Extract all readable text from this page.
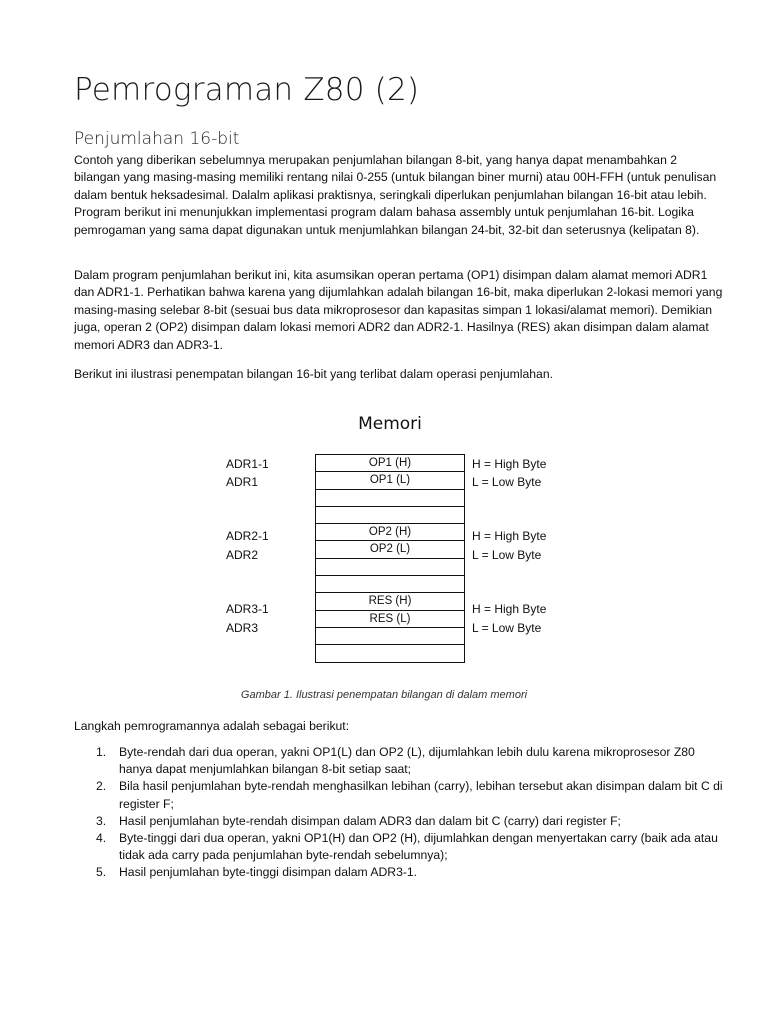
Pemrograman Z80 (2)
Penjumlahan 16-bit

Contoh yang diberikan sebelumnya merupakan penjumlahan bilangan 8-bit, yang hanya dapat menambahkan 2 bilangan yang masing-masing memiliki rentang nilai 0-255 (untuk bilangan biner murni) atau 00H-FFH (untuk penulisan dalam bentuk heksadesimal. Dalalm aplikasi praktisnya, seringkali diperlukan penjumlahan bilangan 16-bit atau lebih. Program berikut ini menunjukkan implementasi program dalam bahasa assembly untuk penjumlahan 16-bit. Logika pemrogaman yang sama dapat digunakan untuk menjumlahkan bilangan 24-bit, 32-bit dan seterusnya (kelipatan 8).

Dalam program penjumlahan berikut ini, kita asumsikan operan pertama (OP1) disimpan dalam alamat memori ADR1 dan ADR1-1. Perhatikan bahwa karena yang dijumlahkan adalah bilangan 16-bit, maka diperlukan 2-lokasi memori yang masing-masing selebar 8-bit (sesuai bus data mikroprosesor dan kapasitas simpan 1 lokasi/alamat memori). Demikian juga, operan 2 (OP2) disimpan dalam lokasi memori ADR2 dan ADR2-1. Hasilnya (RES) akan disimpan dalam alamat memori ADR3 dan ADR3-1.

Berikut ini ilustrasi penempatan bilangan 16-bit yang terlibat dalam operasi penjumlahan.

Memori
OP1 (H)
OP1 (L)
OP2 (H)
OP2 (L)
RES (H)
RES (L)
ADR1-1
ADR1
ADR2-1
ADR2
ADR3-1
ADR3
H = High Byte
L = Low Byte
H = High Byte
L = Low Byte
H = High Byte
L = Low Byte
Gambar 1. Ilustrasi penempatan bilangan di dalam memori

Langkah pemrogramannya adalah sebagai berikut:

1. Byte-rendah dari dua operan, yakni OP1(L) dan OP2 (L), dijumlahkan lebih dulu karena mikroprosesor Z80 hanya dapat menjumlahkan bilangan 8-bit setiap saat;
2. Bila hasil penjumlahan byte-rendah menghasilkan lebihan (carry), lebihan tersebut akan disimpan dalam bit C di register F;
3. Hasil penjumlahan byte-rendah disimpan dalam ADR3 dan dalam bit C (carry) dari register F;
4. Byte-tinggi dari dua operan, yakni OP1(H) dan OP2 (H), dijumlahkan dengan menyertakan carry (baik ada atau tidak ada carry pada penjumlahan byte-rendah sebelumnya);
5. Hasil penjumlahan byte-tinggi disimpan dalam ADR3-1.
